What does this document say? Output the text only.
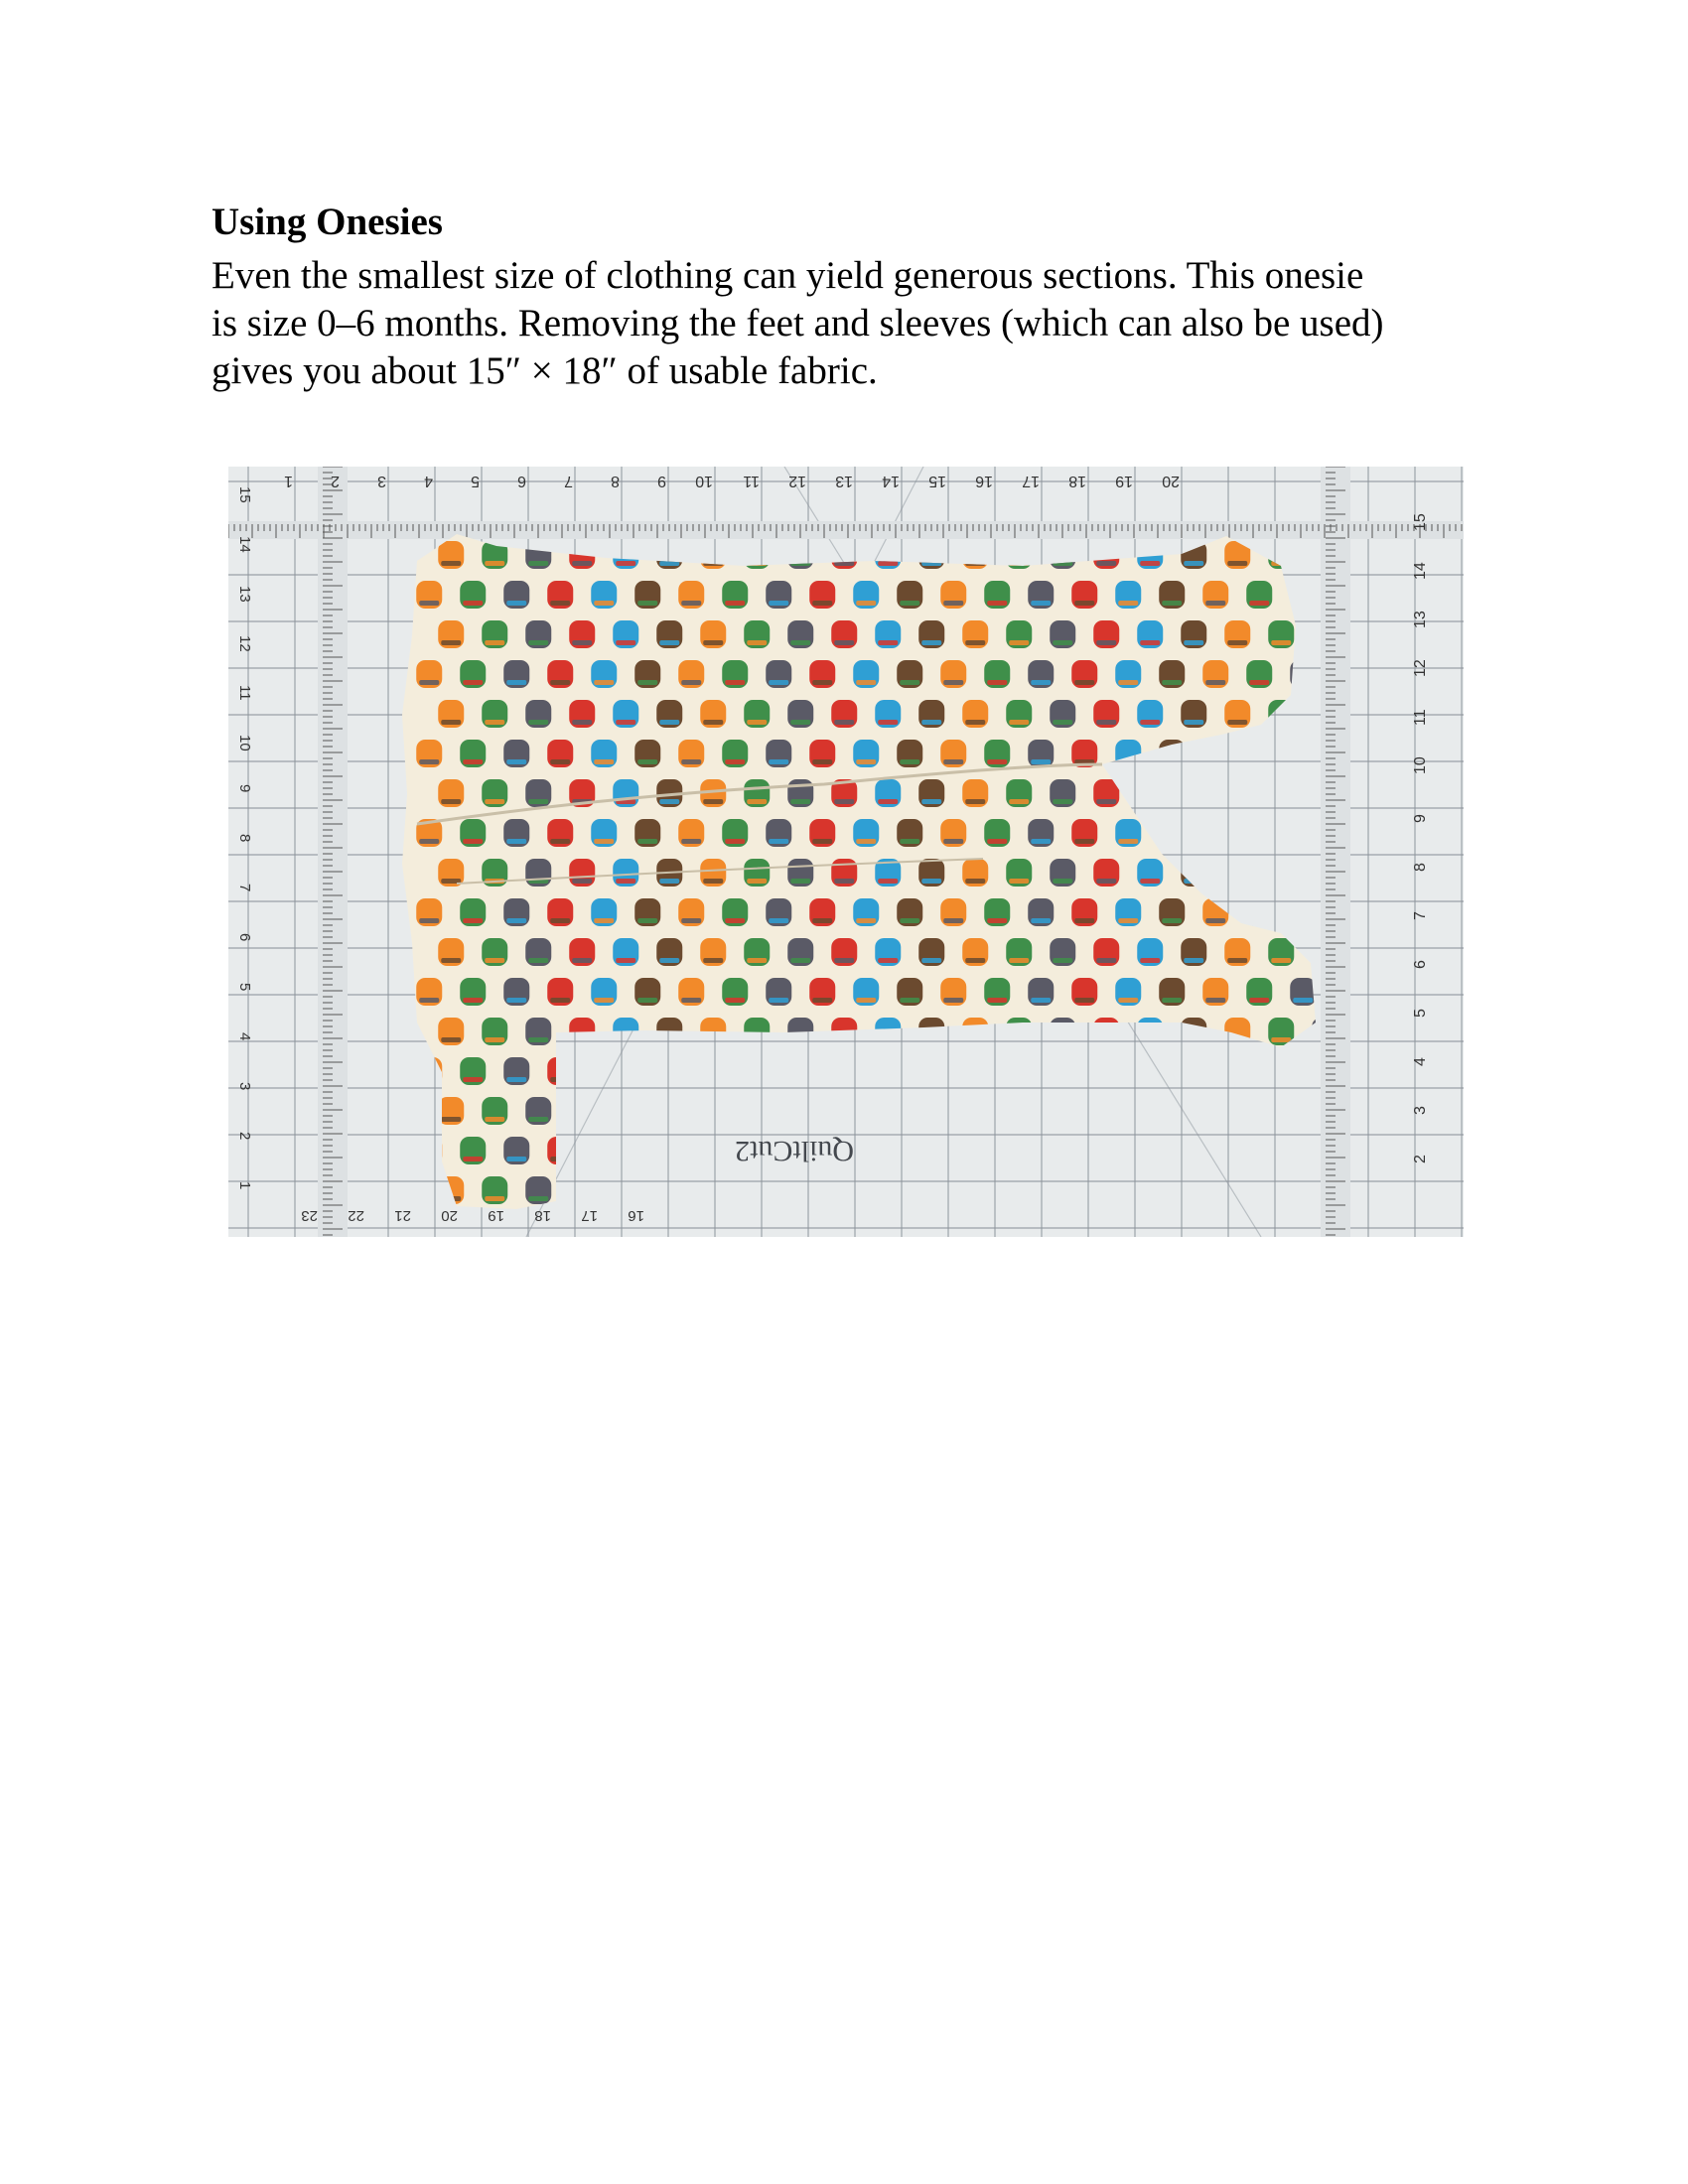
Using Onesies

Even the smallest size of clothing can yield generous sections. This onesie
is size 0–6 months. Removing the feet and sleeves (which can also be used)
gives you about 15″ × 18″ of usable fabric.

1 2 3 4 5 6 7 8 9 10 11 12 13 14 15 16 17 18 19 20
15
14
13
12
11
10
9
8
7
6
5
4
3
2
15
14
13
12
11
10
9
8
7
6
5
4
3
2
1
23 22 21 20 19 18 17 16
QuiltCut2
